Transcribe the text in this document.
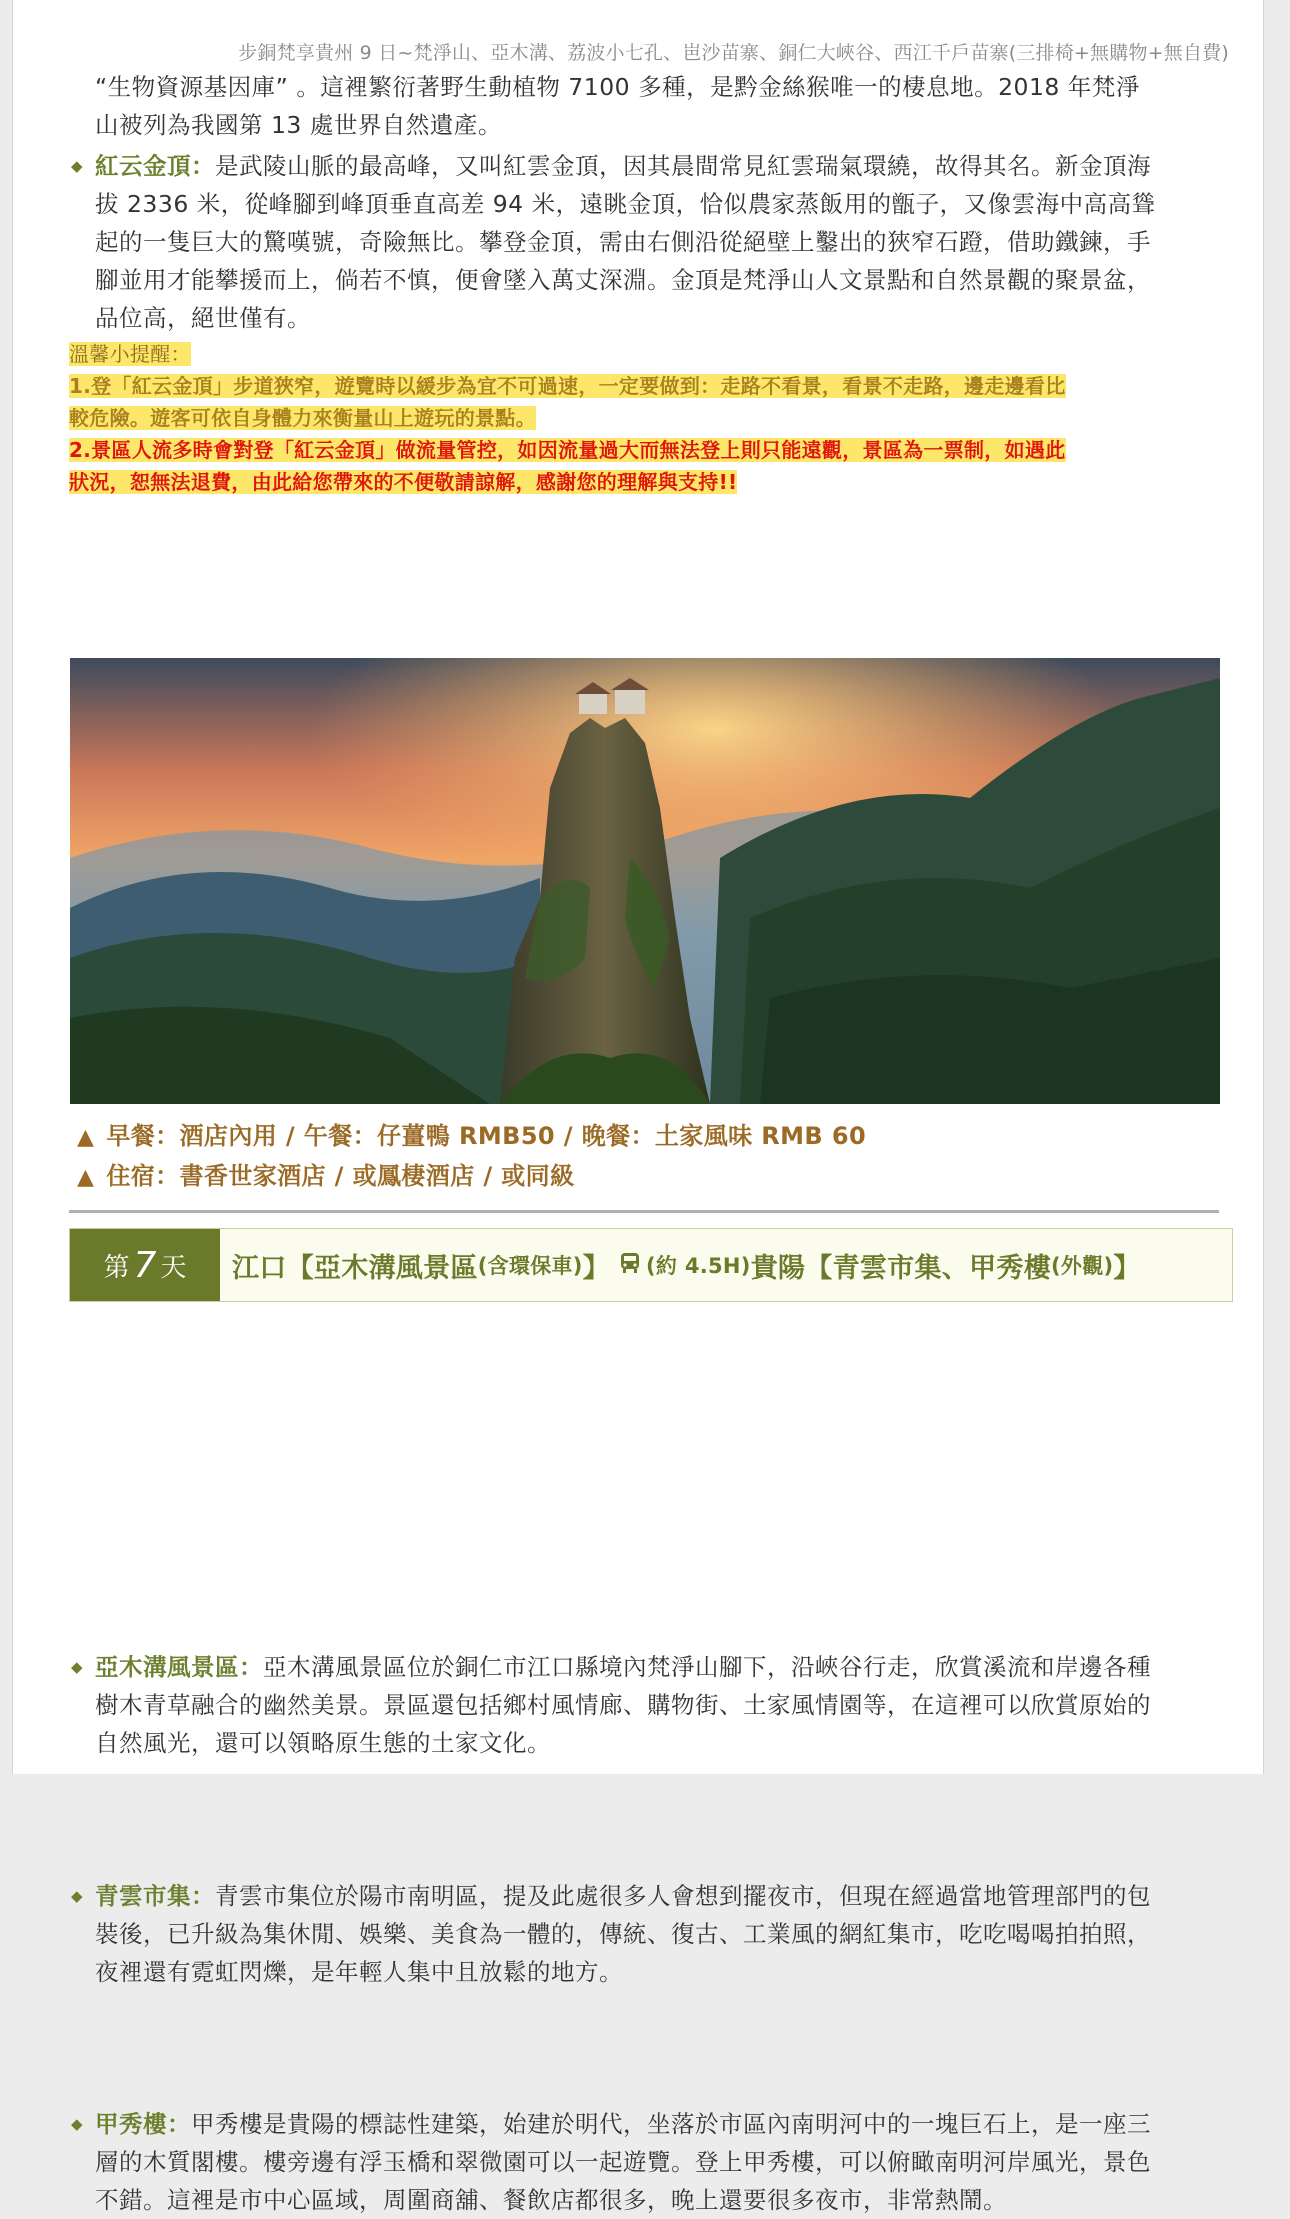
步銅梵享貴州 9 日~梵淨山、亞木溝、荔波小七孔、岜沙苗寨、銅仁大峽谷、西江千戶苗寨(三排椅+無購物+無自費)
“生物資源基因庫” 。這裡繁衍著野生動植物 7100 多種，是黔金絲猴唯一的棲息地。2018 年梵淨
山被列為我國第 13 處世界自然遺產。
◆ 紅云金頂：是武陵山脈的最高峰，又叫紅雲金頂，因其晨間常見紅雲瑞氣環繞，故得其名。新金頂海
拔 2336 米，從峰腳到峰頂垂直高差 94 米，遠眺金頂，恰似農家蒸飯用的甑子，又像雲海中高高聳
起的一隻巨大的驚嘆號，奇險無比。攀登金頂，需由右側沿從絕壁上鑿出的狹窄石蹬，借助鐵鍊，手
腳並用才能攀援而上，倘若不慎，便會墜入萬丈深淵。金頂是梵淨山人文景點和自然景觀的聚景盆，
品位高，絕世僅有。
溫馨小提醒：
1.登「紅云金頂」步道狹窄，遊覽時以緩步為宜不可過速，一定要做到：走路不看景，看景不走路，邊走邊看比
較危險。遊客可依自身體力來衡量山上遊玩的景點。
2.景區人流多時會對登「紅云金頂」做流量管控，如因流量過大而無法登上則只能遠觀，景區為一票制，如遇此
狀況，恕無法退費，由此給您帶來的不便敬請諒解，感謝您的理解與支持!!
▲ 早餐：酒店內用 / 午餐：仔薑鴨 RMB50 / 晚餐：土家風味 RMB 60
▲ 住宿：書香世家酒店 / 或鳳棲酒店 / 或同級
第 7 天 江口【亞木溝風景區 (含環保車) 】 (約 4.5H) 貴陽【青雲市集、甲秀樓 (外觀) 】
◆ 亞木溝風景區：亞木溝風景區位於銅仁市江口縣境內梵淨山腳下，沿峽谷行走，欣賞溪流和岸邊各種
樹木青草融合的幽然美景。景區還包括鄉村風情廊、購物街、土家風情園等，在這裡可以欣賞原始的
自然風光，還可以領略原生態的土家文化。
◆ 青雲市集：青雲市集位於陽市南明區，提及此處很多人會想到擺夜市，但現在經過當地管理部門的包
裝後，已升級為集休閒、娛樂、美食為一體的，傳統、復古、工業風的網紅集市，吃吃喝喝拍拍照，
夜裡還有霓虹閃爍，是年輕人集中且放鬆的地方。
◆ 甲秀樓：甲秀樓是貴陽的標誌性建築，始建於明代，坐落於市區內南明河中的一塊巨石上，是一座三
層的木質閣樓。樓旁邊有浮玉橋和翠微園可以一起遊覽。登上甲秀樓，可以俯瞰南明河岸風光，景色
不錯。這裡是市中心區域，周圍商舖、餐飲店都很多，晚上還要很多夜市，非常熱鬧。
